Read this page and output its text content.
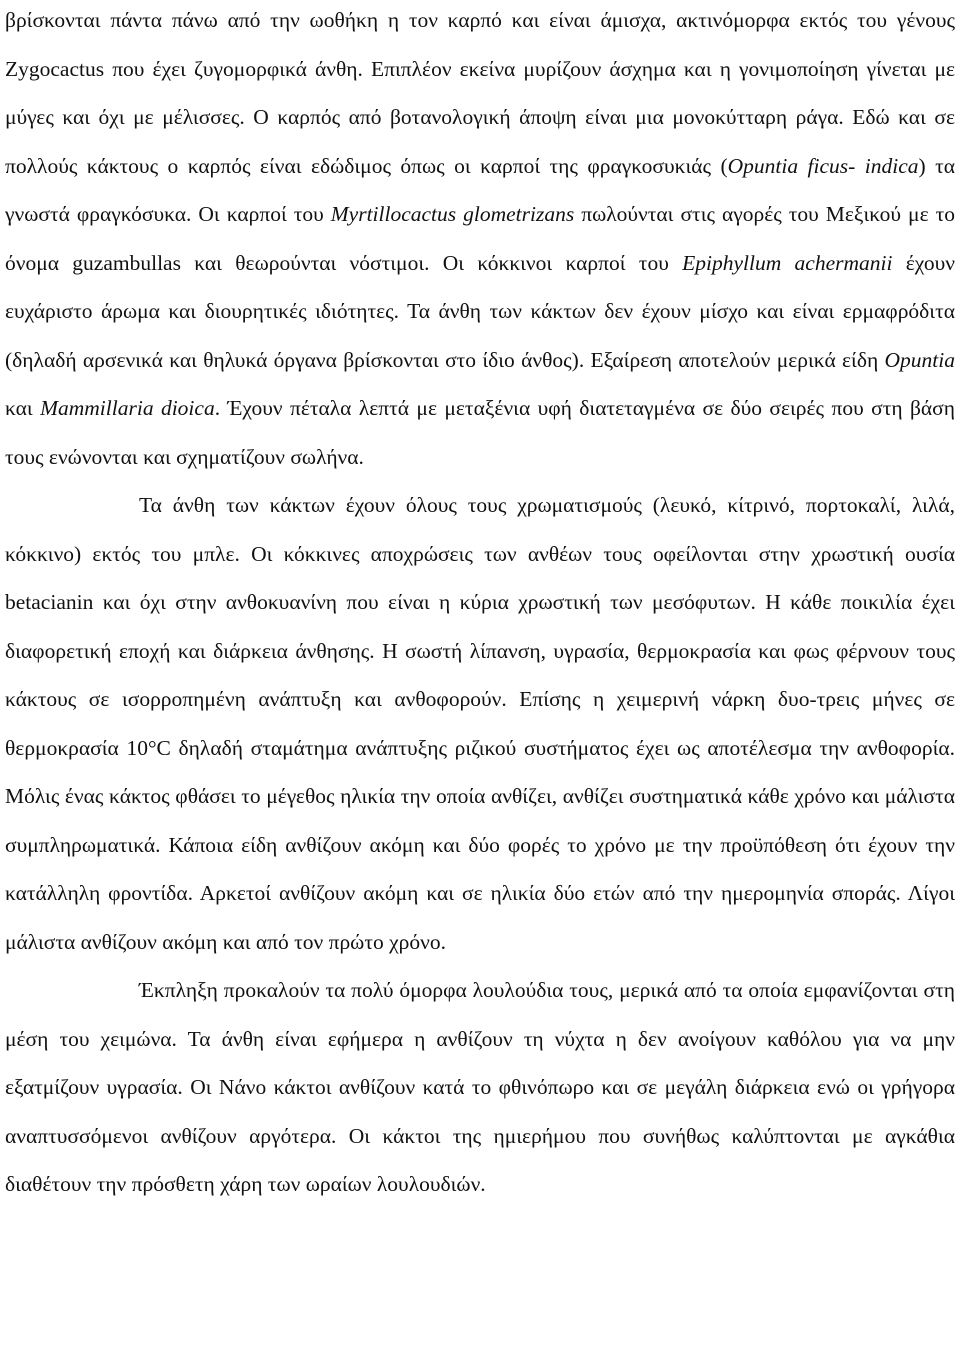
βρίσκονται πάντα πάνω από την ωοθήκη η τον καρπό και είναι άμισχα, ακτινόμορφα εκτός του γένους Zygocactus που έχει ζυγομορφικά άνθη. Επιπλέον εκείνα μυρίζουν άσχημα και η γονιμοποίηση γίνεται με μύγες και όχι με μέλισσες. Ο καρπός από βοτανολογική άποψη είναι μια μονοκύτταρη ράγα. Εδώ και σε πολλούς κάκτους ο καρπός είναι εδώδιμος όπως οι καρποί της φραγκοσυκιάς (Opuntia ficus- indica) τα γνωστά φραγκόσυκα. Οι καρποί του Myrtillocactus glometrizans πωλούνται στις αγορές του Μεξικού με το όνομα guzambullas και θεωρούνται νόστιμοι. Οι κόκκινοι καρποί του Epiphyllum achermanii έχουν ευχάριστο άρωμα και διουρητικές ιδιότητες. Τα άνθη των κάκτων δεν έχουν μίσχο και είναι ερμαφρόδιτα (δηλαδή αρσενικά και θηλυκά όργανα βρίσκονται στο ίδιο άνθος). Εξαίρεση αποτελούν μερικά είδη Opuntia και Mammillaria dioica. Έχουν πέταλα λεπτά με μεταξένια υφή διατεταγμένα σε δύο σειρές που στη βάση τους ενώνονται και σχηματίζουν σωλήνα.

Τα άνθη των κάκτων έχουν όλους τους χρωματισμούς (λευκό, κίτρινό, πορτοκαλί, λιλά, κόκκινο) εκτός του μπλε. Οι κόκκινες αποχρώσεις των ανθέων τους οφείλονται στην χρωστική ουσία betacianin και όχι στην ανθοκυανίνη που είναι η κύρια χρωστική των μεσόφυτων. Η κάθε ποικιλία έχει διαφορετική εποχή και διάρκεια άνθησης. Η σωστή λίπανση, υγρασία, θερμοκρασία και φως φέρνουν τους κάκτους σε ισορροπημένη ανάπτυξη και ανθοφορούν. Επίσης η χειμερινή νάρκη δυο-τρεις μήνες σε θερμοκρασία 10°C δηλαδή σταμάτημα ανάπτυξης ριζικού συστήματος έχει ως αποτέλεσμα την ανθοφορία. Μόλις ένας κάκτος φθάσει το μέγεθος ηλικία την οποία ανθίζει, ανθίζει συστηματικά κάθε χρόνο και μάλιστα συμπληρωματικά. Κάποια είδη ανθίζουν ακόμη και δύο φορές το χρόνο με την προϋπόθεση ότι έχουν την κατάλληλη φροντίδα. Αρκετοί ανθίζουν ακόμη και σε ηλικία δύο ετών από την ημερομηνία σποράς. Λίγοι μάλιστα ανθίζουν ακόμη και από τον πρώτο χρόνο.

Έκπληξη προκαλούν τα πολύ όμορφα λουλούδια τους, μερικά από τα οποία εμφανίζονται στη μέση του χειμώνα. Τα άνθη είναι εφήμερα η ανθίζουν τη νύχτα η δεν ανοίγουν καθόλου για να μην εξατμίζουν υγρασία. Οι Νάνο κάκτοι ανθίζουν κατά το φθινόπωρο και σε μεγάλη διάρκεια ενώ οι γρήγορα αναπτυσσόμενοι ανθίζουν αργότερα. Οι κάκτοι της ημιερήμου που συνήθως καλύπτονται με αγκάθια διαθέτουν την πρόσθετη χάρη των ωραίων λουλουδιών.
